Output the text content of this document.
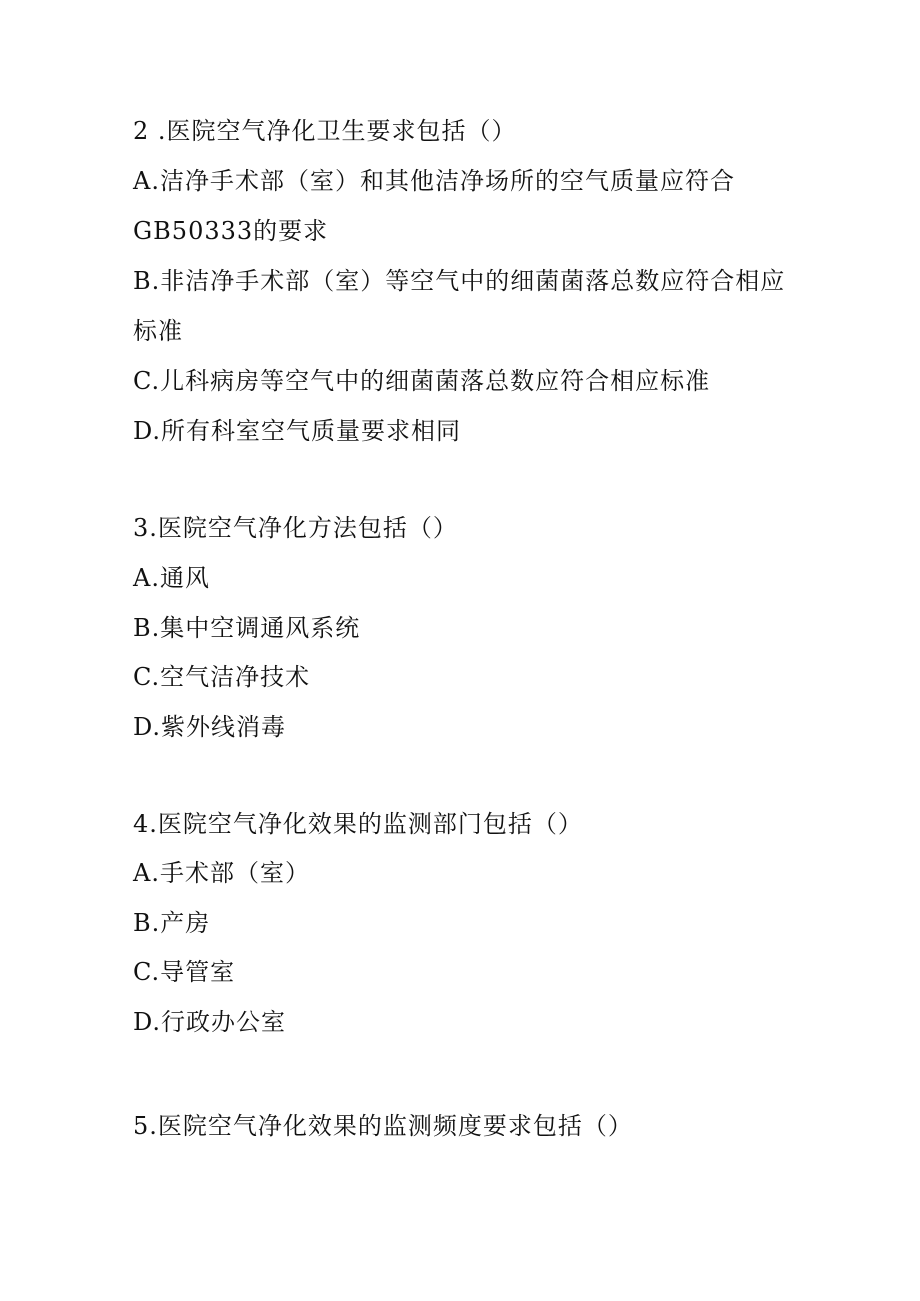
2 .医院空气净化卫生要求包括（）
A.洁净手术部（室）和其他洁净场所的空气质量应符合
GB50333的要求
B.非洁净手术部（室）等空气中的细菌菌落总数应符合相应
标准
C.儿科病房等空气中的细菌菌落总数应符合相应标准
D.所有科室空气质量要求相同
3.医院空气净化方法包括（）
A.通风
B.集中空调通风系统
C.空气洁净技术
D.紫外线消毒
4.医院空气净化效果的监测部门包括（）
A.手术部（室）
B.产房
C.导管室
D.行政办公室
5.医院空气净化效果的监测频度要求包括（）
